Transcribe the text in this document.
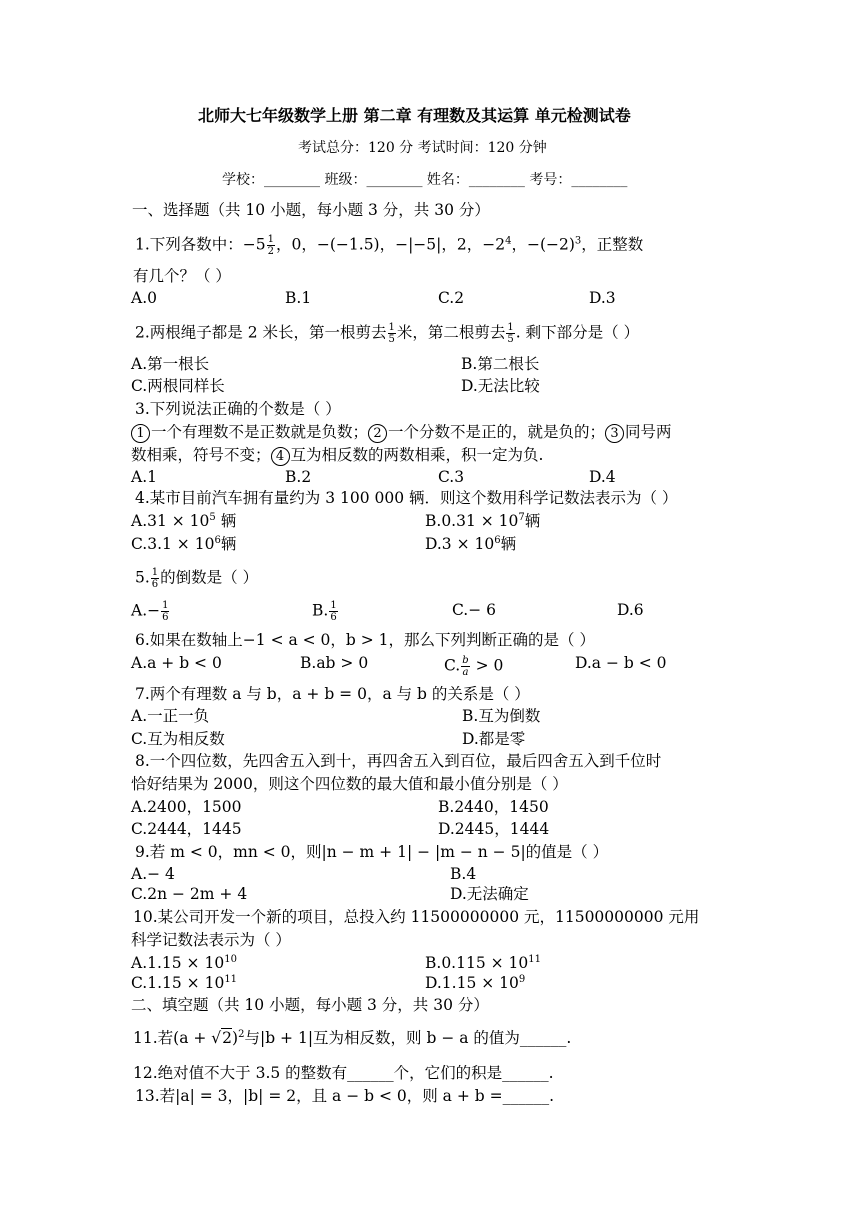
北师大七年级数学上册 第二章 有理数及其运算 单元检测试卷
考试总分：120 分 考试时间：120 分钟
学校：________ 班级：________ 姓名：________ 考号：________
一、选择题（共 10 小题，每小题 3 分，共 30 分）
1.下列各数中：$-5 \frac{1}{2}$ ，0，−(−1.5)，−|−5|，2，$-2^4$，$-(-2)^3$，正整数
有几个？（ ）
A.0	B.1	C.2	D.3
2.两根绳子都是 2 米长，第一根剪去 $\frac{1}{5}$ 米，第二根剪去 $\frac{1}{5}$ . 剩下部分是（ ）
A.第一根长	B.第二根长
C.两根同样长	D.无法比较
3.下列说法正确的个数是（ ）
1 一个有理数不是正数就是负数； 2 一个分数不是正的，就是负的； 3 同号两
数相乘，符号不变； 4 互为相反数的两数相乘，积一定为负.
A.1	B.2	C.3	D.4
4.某市目前汽车拥有量约为 3 100 000 辆．则这个数用科学记数法表示为（ ）
$A.31 \times 10^5$ 辆	$B.0.31 \times 10^7$辆
$C.3.1 \times 10^6$辆	$D.3 \times 10^6$辆
5. $\frac{1}{6}$ 的倒数是（ ）
$A.- \frac{1}{6}$	B. $\frac{1}{6}$	C.− 6	D.6
6.如果在数轴上−1 < a < 0，b > 1，那么下列判断正确的是（ ）
A.a + b < 0	B.ab > 0	C. $\frac{b}{a} > 0$	D.a − b < 0
7.两个有理数 a 与 b，a + b = 0，a 与 b 的关系是（ ）
A.一正一负	B.互为倒数
C.互为相反数	D.都是零
8.一个四位数，先四舍五入到十，再四舍五入到百位，最后四舍五入到千位时
恰好结果为 2000，则这个四位数的最大值和最小值分别是（ ）
A.2400，1500	B.2440，1450
C.2444，1445	D.2445，1444
9.若 m < 0，mn < 0，则|n − m + 1| − |m − n − 5|的值是（ ）
A.− 4	B.4
C.2n − 2m + 4	D.无法确定
10.某公司开发一个新的项目，总投入约 11500000000 元，11500000000 元用
科学记数法表示为（ ）
$A.1.15 \times 10^{10}$	$B.0.115 \times 10^{11}$
$C.1.15 \times 10^{11}$	$D.1.15 \times 10^9$
二、填空题（共 10 小题，每小题 3 分，共 30 分）
11.若$(a + √2)^2$与|b + 1|互为相反数，则 b − a 的值为______.
12.绝对值不大于 3.5 的整数有______个，它们的积是______.
13.若|a| = 3，|b| = 2，且 a − b < 0，则 a + b =______.
